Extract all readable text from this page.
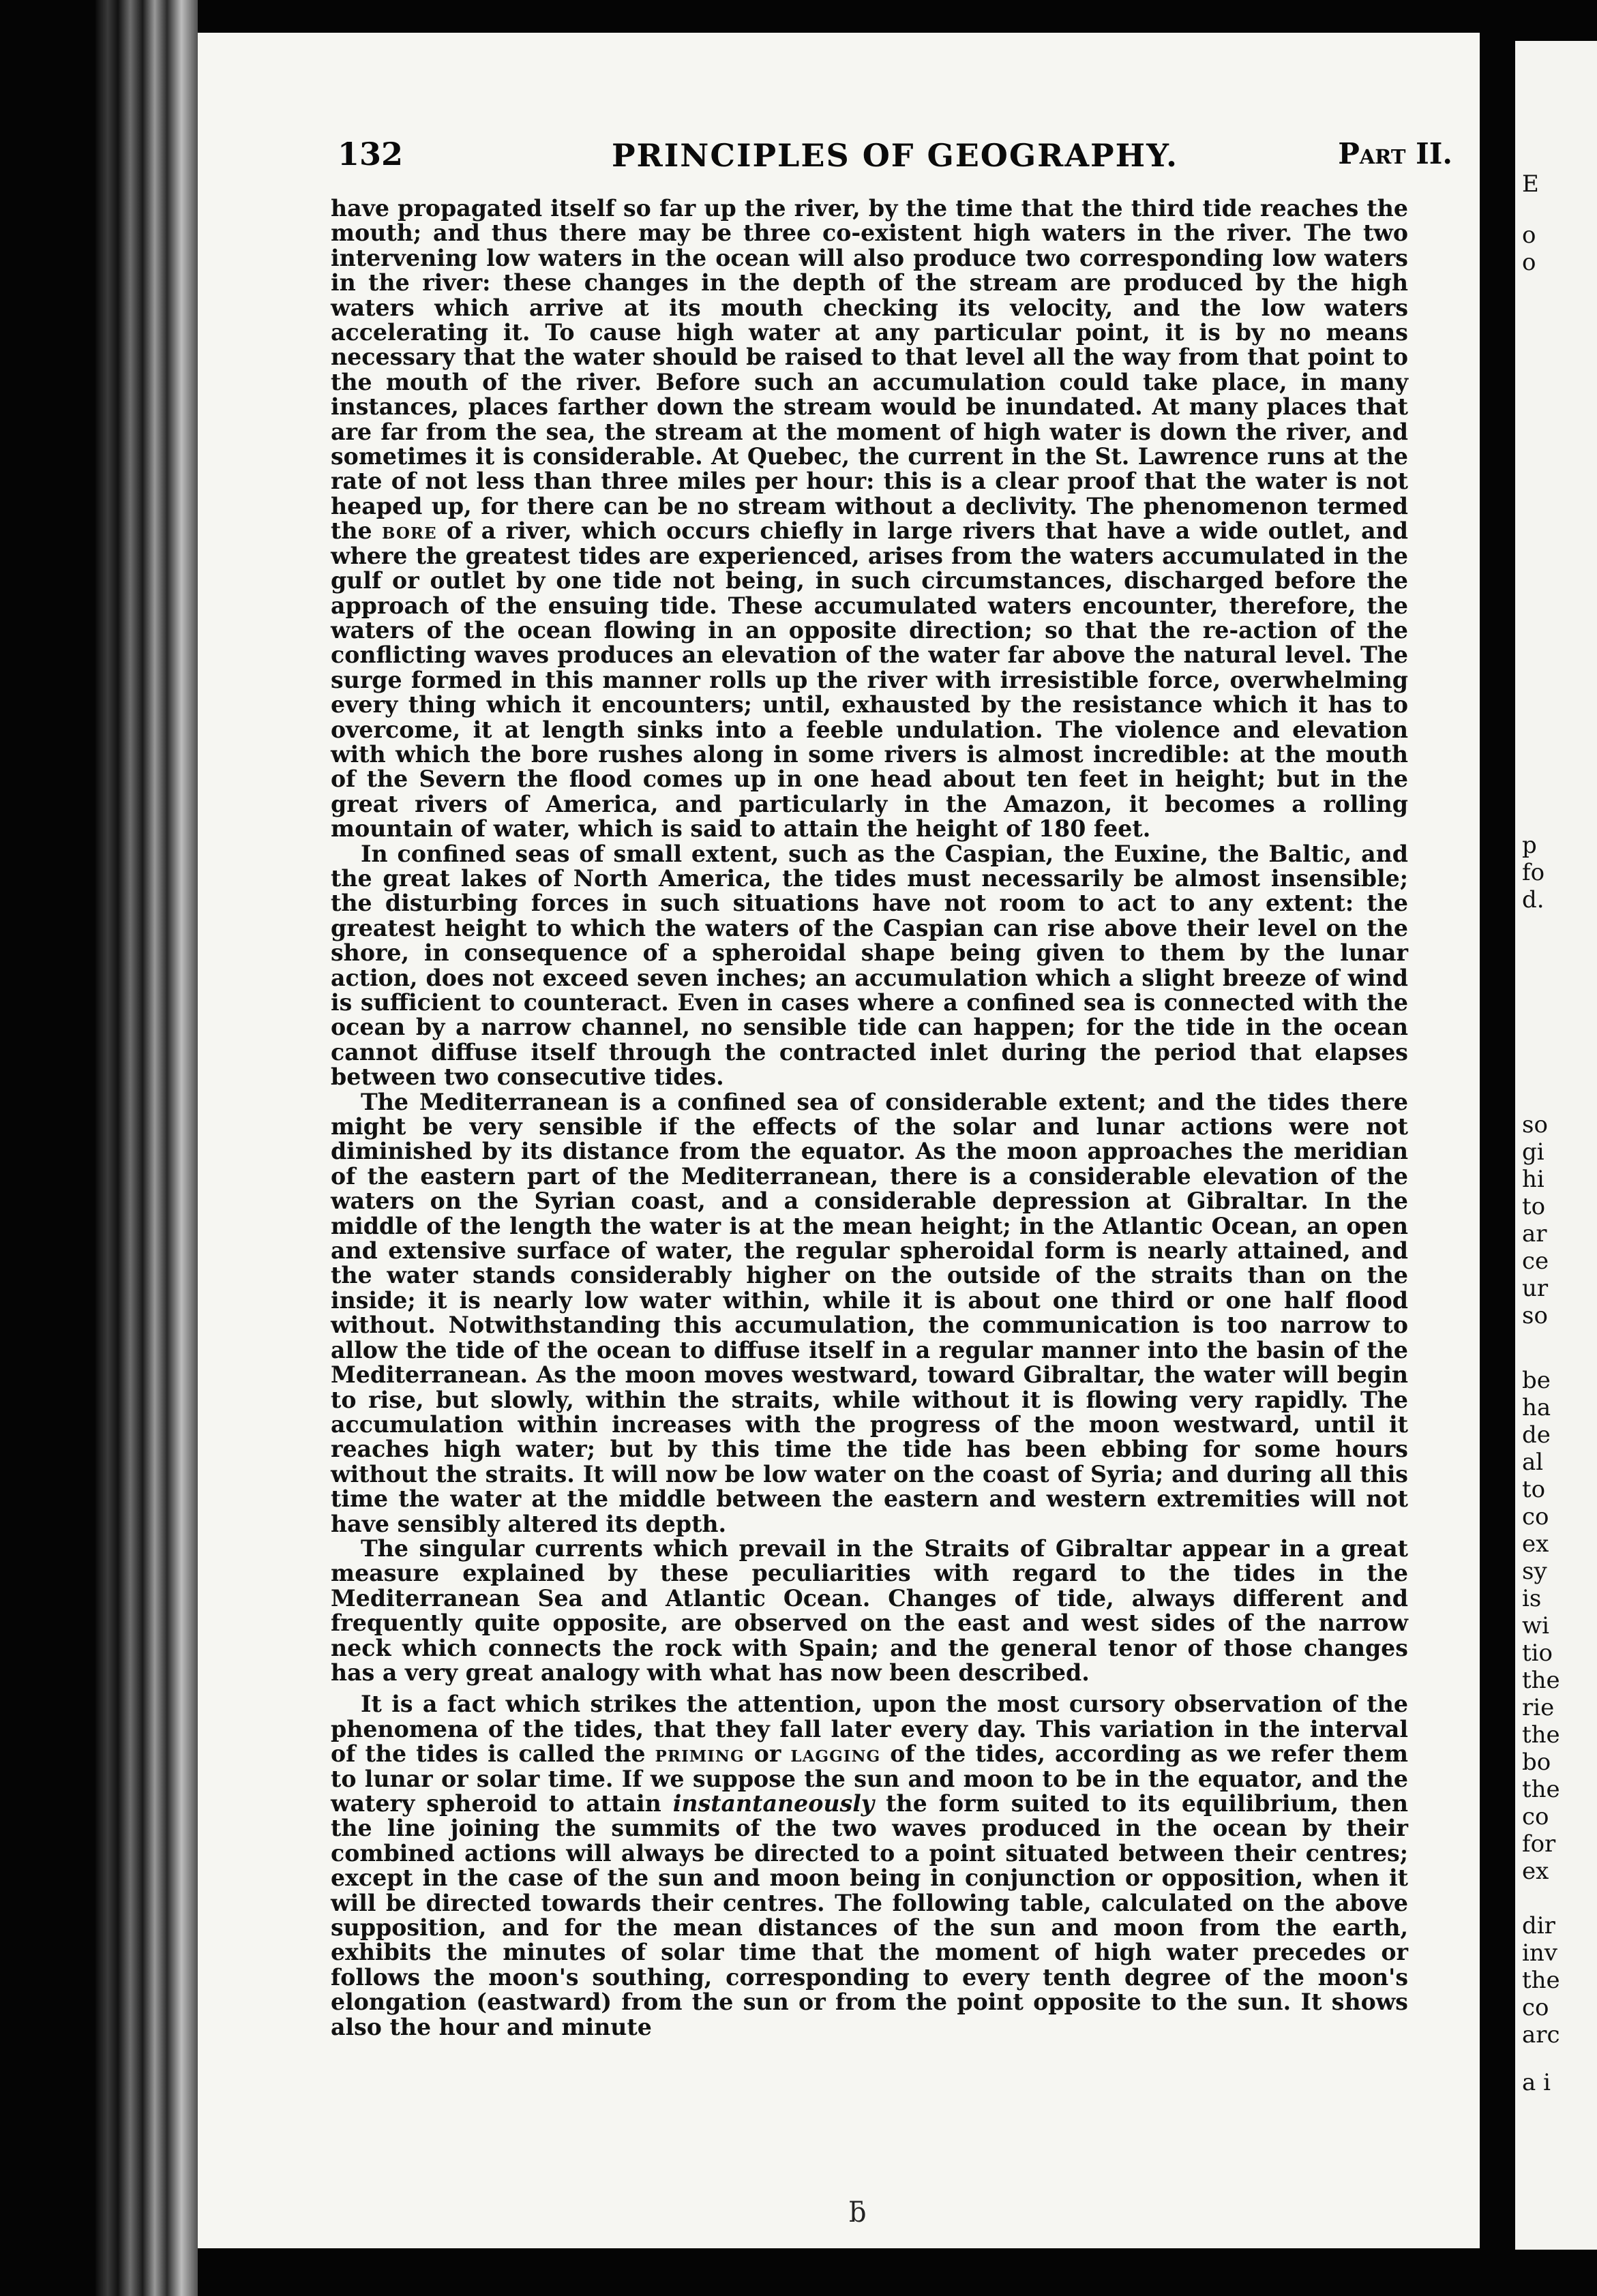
132	PRINCIPLES OF GEOGRAPHY.	Part II.

have propagated itself so far up the river, by the time that the third tide reaches the mouth; and thus there may be three co-existent high waters in the river. The two intervening low waters in the ocean will also produce two corresponding low waters in the river: these changes in the depth of the stream are produced by the high waters which arrive at its mouth checking its velocity, and the low waters accelerating it. To cause high water at any particular point, it is by no means necessary that the water should be raised to that level all the way from that point to the mouth of the river. Before such an accumulation could take place, in many instances, places farther down the stream would be inundated. At many places that are far from the sea, the stream at the moment of high water is down the river, and sometimes it is considerable. At Quebec, the current in the St. Lawrence runs at the rate of not less than three miles per hour: this is a clear proof that the water is not heaped up, for there can be no stream without a declivity. The phenomenon termed the bore of a river, which occurs chiefly in large rivers that have a wide outlet, and where the greatest tides are experienced, arises from the waters accumulated in the gulf or outlet by one tide not being, in such circumstances, discharged before the approach of the ensuing tide. These accumulated waters encounter, therefore, the waters of the ocean flowing in an opposite direction; so that the re-action of the conflicting waves produces an elevation of the water far above the natural level. The surge formed in this manner rolls up the river with irresistible force, overwhelming every thing which it encounters; until, exhausted by the resistance which it has to overcome, it at length sinks into a feeble undulation. The violence and elevation with which the bore rushes along in some rivers is almost incredible: at the mouth of the Severn the flood comes up in one head about ten feet in height; but in the great rivers of America, and particularly in the Amazon, it becomes a rolling mountain of water, which is said to attain the height of 180 feet.

In confined seas of small extent, such as the Caspian, the Euxine, the Baltic, and the great lakes of North America, the tides must necessarily be almost insensible; the disturbing forces in such situations have not room to act to any extent: the greatest height to which the waters of the Caspian can rise above their level on the shore, in consequence of a spheroidal shape being given to them by the lunar action, does not exceed seven inches; an accumulation which a slight breeze of wind is sufficient to counteract. Even in cases where a confined sea is connected with the ocean by a narrow channel, no sensible tide can happen; for the tide in the ocean cannot diffuse itself through the contracted inlet during the period that elapses between two consecutive tides.

The Mediterranean is a confined sea of considerable extent; and the tides there might be very sensible if the effects of the solar and lunar actions were not diminished by its distance from the equator. As the moon approaches the meridian of the eastern part of the Mediterranean, there is a considerable elevation of the waters on the Syrian coast, and a considerable depression at Gibraltar. In the middle of the length the water is at the mean height; in the Atlantic Ocean, an open and extensive surface of water, the regular spheroidal form is nearly attained, and the water stands considerably higher on the outside of the straits than on the inside; it is nearly low water within, while it is about one third or one half flood without. Notwithstanding this accumulation, the communication is too narrow to allow the tide of the ocean to diffuse itself in a regular manner into the basin of the Mediterranean. As the moon moves westward, toward Gibraltar, the water will begin to rise, but slowly, within the straits, while without it is flowing very rapidly. The accumulation within increases with the progress of the moon westward, until it reaches high water; but by this time the tide has been ebbing for some hours without the straits. It will now be low water on the coast of Syria; and during all this time the water at the middle between the eastern and western extremities will not have sensibly altered its depth.

The singular currents which prevail in the Straits of Gibraltar appear in a great measure explained by these peculiarities with regard to the tides in the Mediterranean Sea and Atlantic Ocean. Changes of tide, always different and frequently quite opposite, are observed on the east and west sides of the narrow neck which connects the rock with Spain; and the general tenor of those changes has a very great analogy with what has now been described.

It is a fact which strikes the attention, upon the most cursory observation of the phenomena of the tides, that they fall later every day. This variation in the interval of the tides is called the priming or lagging of the tides, according as we refer them to lunar or solar time. If we suppose the sun and moon to be in the equator, and the watery spheroid to attain instantaneously the form suited to its equilibrium, then the line joining the summits of the two waves produced in the ocean by their combined actions will always be directed to a point situated between their centres; except in the case of the sun and moon being in conjunction or opposition, when it will be directed towards their centres. The following table, calculated on the above supposition, and for the mean distances of the sun and moon from the earth, exhibits the minutes of solar time that the moment of high water precedes or follows the moon's southing, corresponding to every tenth degree of the moon's elongation (eastward) from the sun or from the point opposite to the sun. It shows also the hour and minute

ƃ
E
o
o
p
fo
d.
so
gi
hi
to
ar
ce
ur
so
be
ha
de
al
to
co
ex
sy
is
wi
tio
the
rie
the
bo
the
co
for
ex
dir
inv
the
co
arc
a i
